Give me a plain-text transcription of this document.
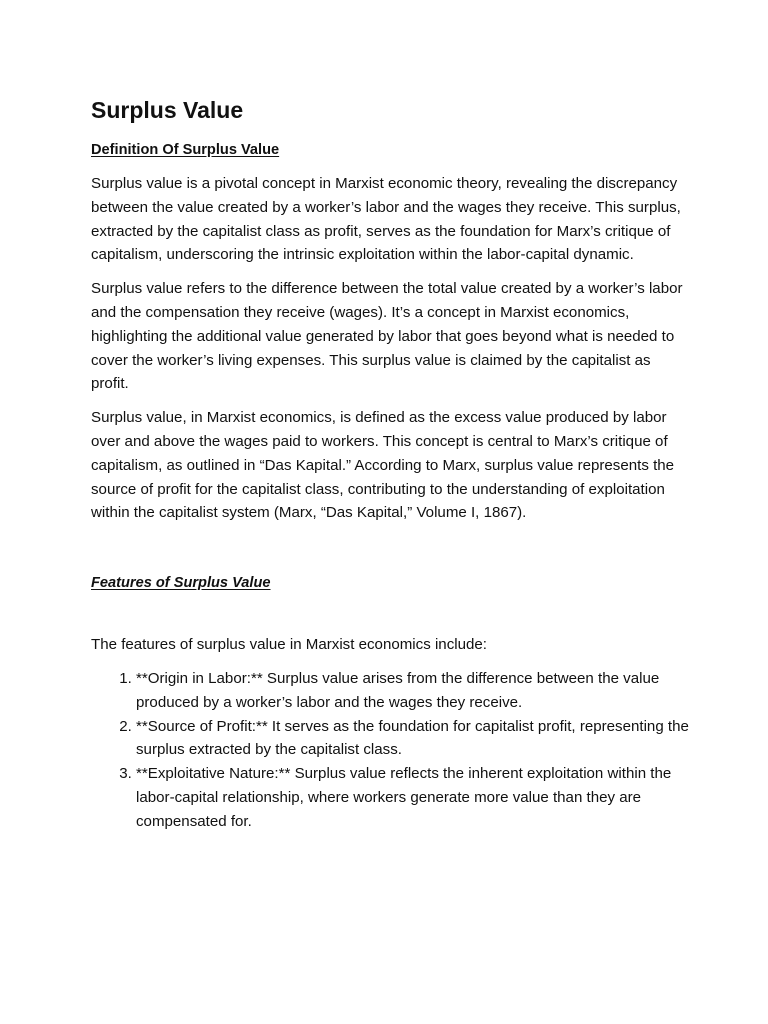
Surplus Value
Definition Of Surplus Value

Surplus value is a pivotal concept in Marxist economic theory, revealing the discrepancy between the value created by a worker’s labor and the wages they receive. This surplus, extracted by the capitalist class as profit, serves as the foundation for Marx’s critique of capitalism, underscoring the intrinsic exploitation within the labor-capital dynamic.

Surplus value refers to the difference between the total value created by a worker’s labor and the compensation they receive (wages). It’s a concept in Marxist economics, highlighting the additional value generated by labor that goes beyond what is needed to cover the worker’s living expenses. This surplus value is claimed by the capitalist as profit.

Surplus value, in Marxist economics, is defined as the excess value produced by labor over and above the wages paid to workers. This concept is central to Marx’s critique of capitalism, as outlined in “Das Kapital.” According to Marx, surplus value represents the source of profit for the capitalist class, contributing to the understanding of exploitation within the capitalist system (Marx, “Das Kapital,” Volume I, 1867).

Features of Surplus Value

The features of surplus value in Marxist economics include:

1. **Origin in Labor:** Surplus value arises from the difference between the value produced by a worker’s labor and the wages they receive.
2. **Source of Profit:** It serves as the foundation for capitalist profit, representing the surplus extracted by the capitalist class.
3. **Exploitative Nature:** Surplus value reflects the inherent exploitation within the labor-capital relationship, where workers generate more value than they are compensated for.
